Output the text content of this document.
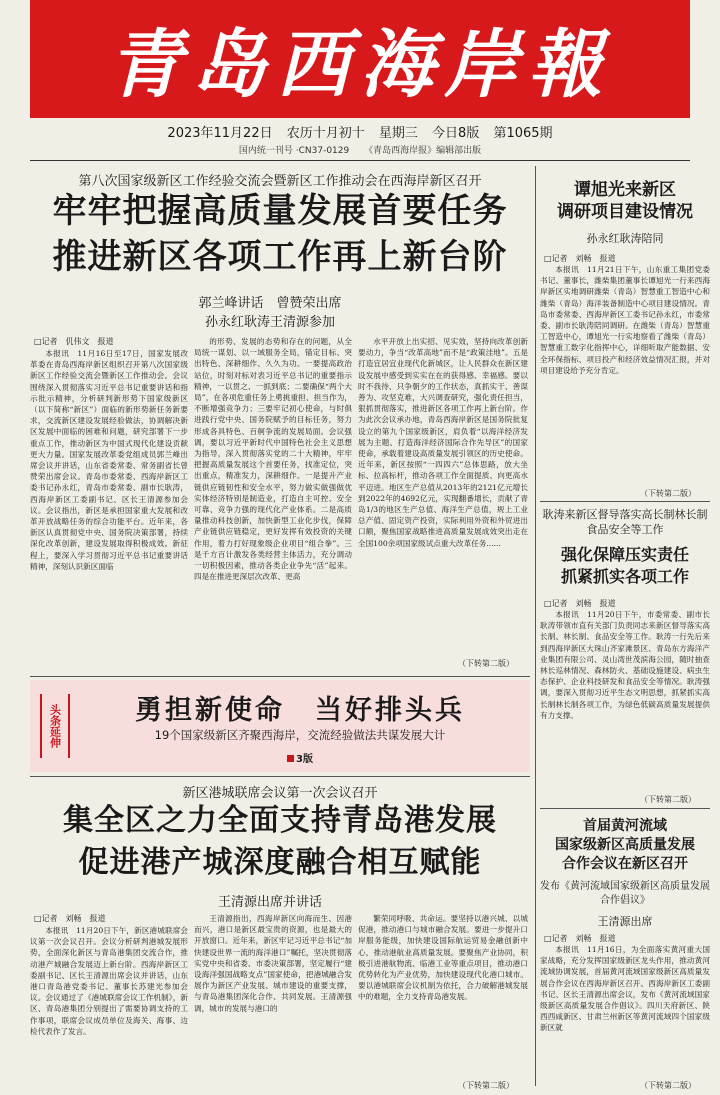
青岛西海岸報
2023年11月22日 农历十月初十 星期三 今日8版 第1065期
国内统一刊号 ·CN37-0129 《青岛西海岸报》编辑部出版
第八次国家级新区工作经验交流会暨新区工作推动会在西海岸新区召开
牢牢把握高质量发展首要任务
推进新区各项工作再上新台阶
郭兰峰讲话　曾赞荣出席
孙永红耿涛王清源参加
□记者　仉伟文　报道

本报讯　11月16日至17日，国家发展改革委在青岛西海岸新区组织召开第八次国家级新区工作经验交流会暨新区工作推动会。会议围绕深入贯彻落实习近平总书记重要讲话和指示批示精神，分析研判新形势下国家级新区（以下简称“新区”）面临的新形势新任务新要求，交流新区建设发展经验做法，协调解决新区发展中面临的困难和问题，研究部署下一步重点工作，推动新区为中国式现代化建设贡献更大力量。国家发展改革委党组成员郭兰峰出席会议并讲话，山东省委常委、常务副省长曾赞荣出席会议。青岛市委常委、西海岸新区工委书记孙永红，青岛市委常委、副市长耿涛，西海岸新区工委副书记、区长王清源参加会议。会议指出，新区是承担国家重大发展和改革开放战略任务的综合功能平台。近年来，各新区认真贯彻党中央、国务院决策部署，持续深化改革创新，建设发展取得积极成效。新征程上，要深入学习贯彻习近平总书记重要讲话精神，深刻认识新区面临

的形势、发展的态势和存在的问题，从全局统一谋划、以一域服务全局，锚定目标、突出特色、深耕细作、久久为功。一要提高政治站位，时刻对标对表习近平总书记的重要指示精神，一以贯之、一抓到底；二要确保“两个大局”，在各项危重任务上勇挑重担、担当作为，不断增强竞争力；三要牢记初心使命，与时俱进践行党中央、国务院赋予的目标任务，努力形成各具特色、百舸争流的发展局面。会议强调，要以习近平新时代中国特色社会主义思想为指导，深入贯彻落实党的二十大精神，牢牢把握高质量发展这个首要任务，找准定位，突出重点，精准发力，深耕细作。一是提升产业链供应链韧性和安全水平，努力做实做强做优实体经济特别是制造业，打造自主可控、安全可靠、竞争力强的现代化产业体系。二是高质量推动科技创新，加快新型工业化步伐，保障产业链供应链稳定，更好发挥有效投资的关键作用，着力打好现象级企业项目“组合拳”。三是千方百计激发各类经营主体活力，充分调动一切积极因素，推动各类企业争先“活”起来。四是在推进更深层次改革、更高

水平开放上出实招、见实效，坚持向改革创新要动力，争当“改革高地”而不是“政策洼地”。五是打造宜居宜业现代化新城区，让人民群众在新区建设发展中感受到实实在在的获得感、幸福感。要以时不我待、只争朝夕的工作状态，真抓实干、善谋善为、攻坚克难，大兴调查研究，强化责任担当，狠抓贯彻落实，推进新区各项工作再上新台阶。作为此次会议承办地，青岛西海岸新区是国务院批复设立的第九个国家级新区，肩负着“以海洋经济发展为主题、打造海洋经济国际合作先导区”的国家使命，承载着建设高质量发展引领区的历史使命。近年来，新区按照“一四四六”总体思路，放大坐标、拉高标杆，推动各项工作全面提质、向更高水平迈进。地区生产总值从2013年的2121亿元增长到2022年的4692亿元，实现翻番增长，贡献了青岛1/3的地区生产总值、海洋生产总值，规上工业总产值、固定资产投资，实际利用外资和外贸进出口额，聚焦国家战略推进高质量发展成效突出走在全国100余项国家级试点重大改革任务......

（下转第二版）
头条延伸	勇担新使命　当好排头兵
19个国家级新区齐聚西海岸，交流经验做法共谋发展大计
3版
新区港城联席会议第一次会议召开
集全区之力全面支持青岛港发展
促进港产城深度融合相互赋能
王清源出席并讲话
□记者　刘畅　报道

本报讯　11月20日下午，新区港城联席会议第一次会议召开。会议分析研判港城发展形势，全面深化新区与青岛港集团交流合作，推动港产城融合发展迈上新台阶。西海岸新区工委副书记、区长王清源出席会议并讲话，山东港口青岛港党委书记、董事长苏建光参加会议。会议通过了《港城联席会议工作机制》，新区、青岛港集团分别提出了需要协调支持的工作事项，联席会议成员单位及海关、海事、边检代表作了发言。

王清源指出，西海岸新区向海而生、因港而兴，港口是新区最宝贵的资源，也是最大的开放窗口。近年来，新区牢记习近平总书记“加快建设世界一流的海洋港口”嘱托，坚决贯彻落实党中央和省委、市委决策部署，坚定履行“建设海洋强国战略支点”国家使命，把港城融合发展作为新区产业发展、城市建设的重要支撑，与青岛港集团深化合作、共同发展。王清源强调，城市的发展与港口的

繁荣同呼吸、共命运。要坚持以港兴城、以城促港，推动港口与城市融合发展。要进一步提升口岸服务能级，加快建设国际航运贸易金融创新中心，推动港航业高质量发展。要聚焦产业协同，积极引进港航物流、临港工业等重点项目，推动港口优势转化为产业优势，加快建设现代化港口城市。要以港城联席会议机制为依托，合力破解港城发展中的难题，全力支持青岛港发展。

（下转第二版）
谭旭光来新区
调研项目建设情况
孙永红耿涛陪同
□记者　刘畅　报道

本报讯　11月21日下午，山东重工集团党委书记、董事长，潍柴集团董事长谭旭光一行来西海岸新区实地调研潍柴（青岛）智慧重工智造中心和潍柴（青岛）海洋装备制造中心项目建设情况。青岛市委常委、西海岸新区工委书记孙永红，市委常委、副市长耿涛陪同调研。在潍柴（青岛）智慧重工智造中心，谭旭光一行实地察看了潍柴（青岛）智慧重工数字化指挥中心，详细听取产能数据、安全环保指标、项目投产和经济效益情况汇报，并对项目建设给予充分肯定。

（下转第二版）
耿涛来新区督导落实高长制林长制食品安全等工作
强化保障压实责任
抓紧抓实各项工作
□记者　刘畅　报道

本报讯　11月20日下午，市委常委、副市长耿涛带领市直有关部门负责同志来新区督导落实高长制、林长制、食品安全等工作。耿涛一行先后来到西海岸新区大珠山齐家滩景区、青岛东方海洋产业集团有限公司、灵山湾世茂滨海公园，随时抽查林长巡林情况、森林防火、基础设施建设、病虫生态保护、企业科技研发和食品安全等情况。耿涛强调，要深入贯彻习近平生态文明思想，抓紧抓实高长制林长制各项工作，为绿色低碳高质量发展提供有力支撑。

（下转第二版）
首届黄河流域
国家级新区高质量发展
合作会议在新区召开
发布《黄河流域国家级新区高质量发展合作倡议》
王清源出席
□记者　刘畅　报道

本报讯　11月16日，为全面落实黄河重大国家战略，充分发挥国家级新区龙头作用，推动黄河流域协调发展，首届黄河流域国家级新区高质量发展合作会议在西海岸新区召开。西海岸新区工委副书记、区长王清源出席会议，发布《黄河流域国家级新区高质量发展合作倡议》。四川天府新区、陕西西咸新区、甘肃兰州新区等黄河流域四个国家级新区就

（下转第二版）
